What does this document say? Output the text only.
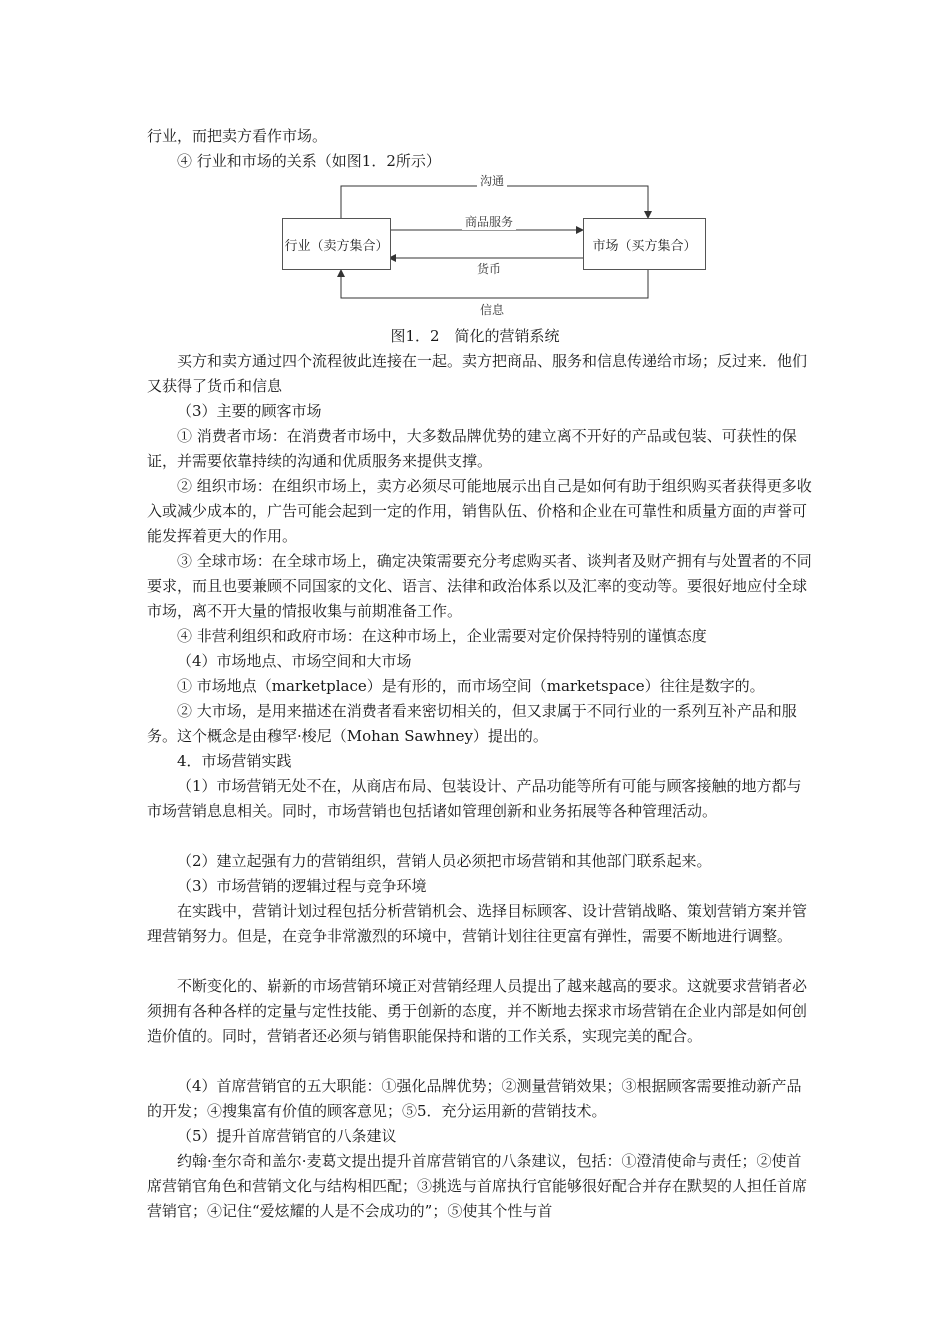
行业，而把卖方看作市场。

④ 行业和市场的关系（如图1．2所示）

行业（卖方集合）	市场（买方集合）
沟通
商品服务
货币
信息
图1．2　简化的营销系统

买方和卖方通过四个流程彼此连接在一起。卖方把商品、服务和信息传递给市场；反过来．他们又获得了货币和信息

（3）主要的顾客市场

① 消费者市场：在消费者市场中，大多数品牌优势的建立离不开好的产品或包装、可获性的保证，并需要依靠持续的沟通和优质服务来提供支撑。

② 组织市场：在组织市场上，卖方必须尽可能地展示出自己是如何有助于组织购买者获得更多收入或减少成本的，广告可能会起到一定的作用，销售队伍、价格和企业在可靠性和质量方面的声誉可能发挥着更大的作用。

③ 全球市场：在全球市场上，确定决策需要充分考虑购买者、谈判者及财产拥有与处置者的不同要求，而且也要兼顾不同国家的文化、语言、法律和政治体系以及汇率的变动等。要很好地应付全球市场，离不开大量的情报收集与前期准备工作。

④ 非营利组织和政府市场：在这种市场上，企业需要对定价保持特别的谨慎态度

（4）市场地点、市场空间和大市场

① 市场地点（marketplace）是有形的，而市场空间（marketspace）往往是数字的。

② 大市场，是用来描述在消费者看来密切相关的，但又隶属于不同行业的一系列互补产品和服务。这个概念是由穆罕·梭尼（Mohan Sawhney）提出的。

4．市场营销实践

（1）市场营销无处不在，从商店布局、包装设计、产品功能等所有可能与顾客接触的地方都与市场营销息息相关。同时，市场营销也包括诸如管理创新和业务拓展等各种管理活动。

（2）建立起强有力的营销组织，营销人员必须把市场营销和其他部门联系起来。

（3）市场营销的逻辑过程与竞争环境

在实践中，营销计划过程包括分析营销机会、选择目标顾客、设计营销战略、策划营销方案并管理营销努力。但是，在竞争非常激烈的环境中，营销计划往往更富有弹性，需要不断地进行调整。

不断变化的、崭新的市场营销环境正对营销经理人员提出了越来越高的要求。这就要求营销者必须拥有各种各样的定量与定性技能、勇于创新的态度，并不断地去探求市场营销在企业内部是如何创造价值的。同时，营销者还必须与销售职能保持和谐的工作关系，实现完美的配合。

（4）首席营销官的五大职能：①强化品牌优势；②测量营销效果；③根据顾客需要推动新产品的开发；④搜集富有价值的顾客意见；⑤5．充分运用新的营销技术。

（5）提升首席营销官的八条建议

约翰·奎尔奇和盖尔·麦葛文提出提升首席营销官的八条建议，包括：①澄清使命与责任；②使首席营销官角色和营销文化与结构相匹配；③挑选与首席执行官能够很好配合并存在默契的人担任首席营销官；④记住“爱炫耀的人是不会成功的”；⑤使其个性与首
